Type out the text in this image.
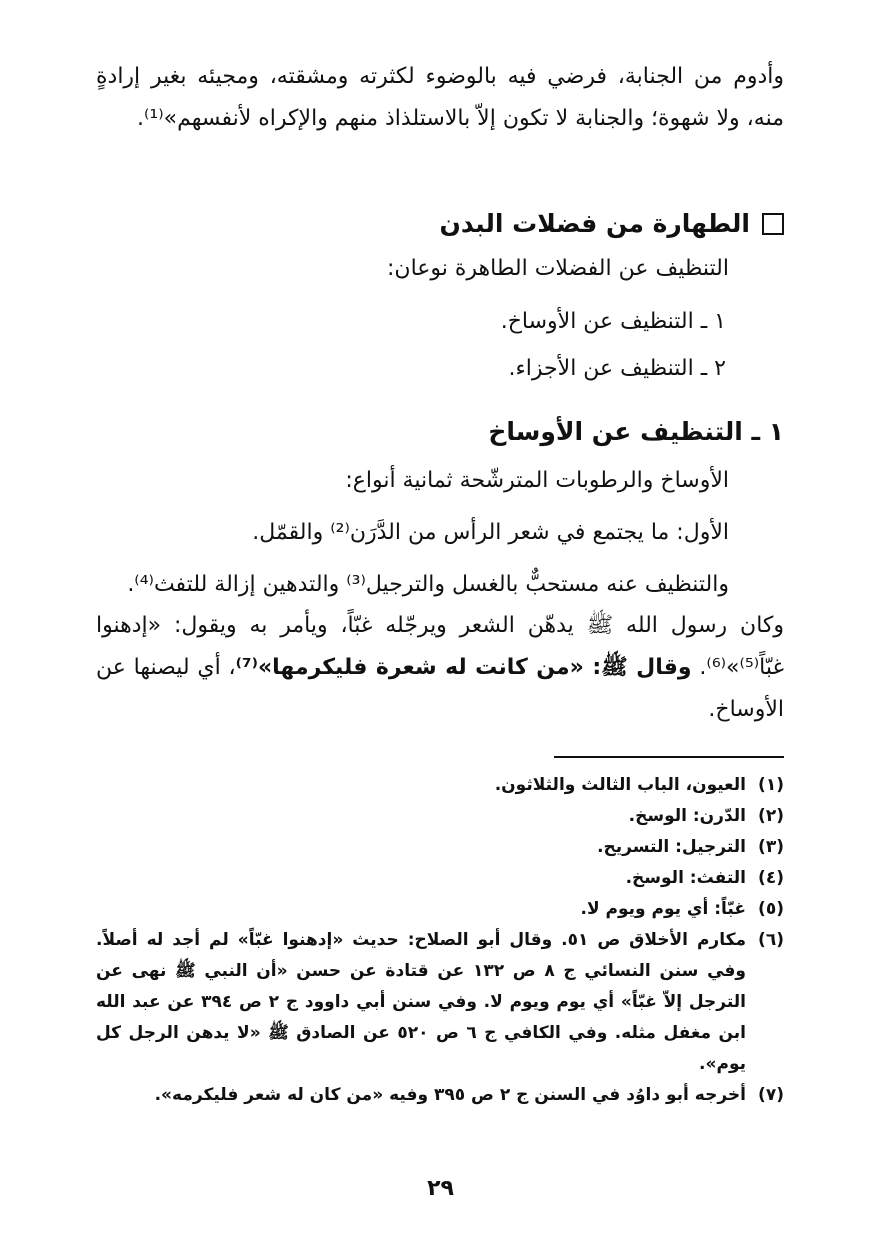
وأدوم من الجنابة، فرضي فيه بالوضوء لكثرته ومشقته، ومجيئه بغير إرادةٍ منه، ولا شهوة؛ والجنابة لا تكون إلاّ بالاستلذاذ منهم والإكراه لأنفسهم»⁽¹⁾.

الطهارة من فضلات البدن
التنظيف عن الفضلات الطاهرة نوعان:
١ ـ التنظيف عن الأوساخ.
٢ ـ التنظيف عن الأجزاء.
١ ـ التنظيف عن الأوساخ
الأوساخ والرطوبات المترشّحة ثمانية أنواع:
الأول: ما يجتمع في شعر الرأس من الدَّرَن⁽²⁾ والقمّل.

والتنظيف عنه مستحبٌّ بالغسل والترجيل⁽³⁾ والتدهين إزالة للتفث⁽⁴⁾.

وكان رسول الله ﷺ يدهّن الشعر ويرجّله غبّاً، ويأمر به ويقول: «إدهنوا غبّاً⁽⁵⁾»⁽⁶⁾. وقال ﷺ: «من كانت له شعرة فليكرمها»⁽⁷⁾، أي ليصنها عن الأوساخ.

(١)
العيون، الباب الثالث والثلاثون.

(٢)
الدّرن: الوسخ.

(٣)
الترجيل: التسريح.

(٤)
التفث: الوسخ.

(٥)
غبّاً: أي يوم ويوم لا.

(٦)
مكارم الأخلاق ص ٥١. وقال أبو الصلاح: حديث «إدهنوا غبّاً» لم أجد له أصلاً. وفي سنن النسائي ج ٨ ص ١٣٢ عن قتادة عن حسن «أن النبي ﷺ نهى عن الترجل إلاّ غبّاً» أي يوم ويوم لا. وفي سنن أبي داوود ج ٢ ص ٣٩٤ عن عبد الله ابن مغفل مثله. وفي الكافي ج ٦ ص ٥٢٠ عن الصادق ﷺ «لا يدهن الرجل كل يوم».

(٧)
أخرجه أبو داوُد في السنن ج ٢ ص ٣٩٥ وفيه «من كان له شعر فليكرمه».

٢٩
